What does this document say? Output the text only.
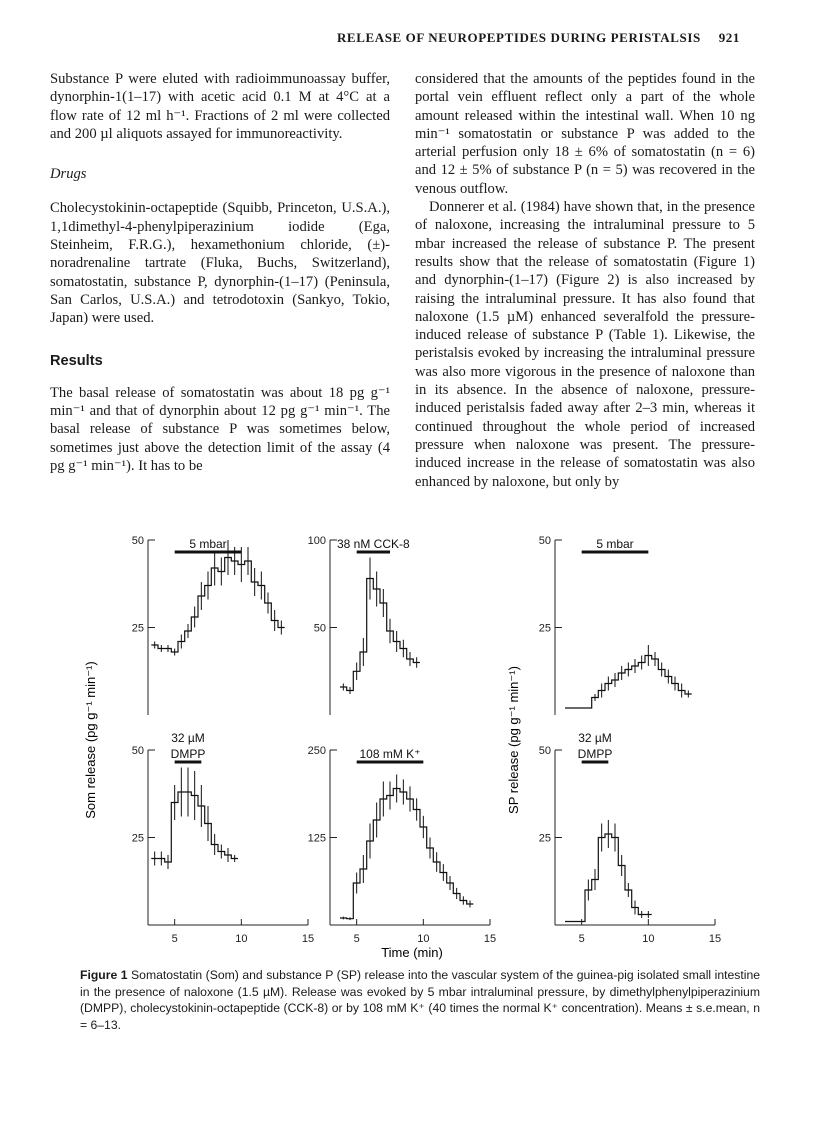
RELEASE OF NEUROPEPTIDES DURING PERISTALSIS 921

Substance P were eluted with radioimmunoassay buffer, dynorphin-1(1–17) with acetic acid 0.1 M at 4°C at a flow rate of 12 ml h⁻¹. Fractions of 2 ml were collected and 200 µl aliquots assayed for immunoreactivity.

Drugs

Cholecystokinin-octapeptide (Squibb, Princeton, U.S.A.), 1,1dimethyl-4-phenylpiperazinium iodide (Ega, Steinheim, F.R.G.), hexamethonium chloride, (±)-noradrenaline tartrate (Fluka, Buchs, Switzerland), somatostatin, substance P, dynorphin-(1–17) (Peninsula, San Carlos, U.S.A.) and tetrodotoxin (Sankyo, Tokio, Japan) were used.

Results

The basal release of somatostatin was about 18 pg g⁻¹ min⁻¹ and that of dynorphin about 12 pg g⁻¹ min⁻¹. The basal release of substance P was sometimes below, sometimes just above the detection limit of the assay (4 pg g⁻¹ min⁻¹). It has to be

considered that the amounts of the peptides found in the portal vein effluent reflect only a part of the whole amount released within the intestinal wall. When 10 ng min⁻¹ somatostatin or substance P was added to the arterial perfusion only 18 ± 6% of somatostatin (n = 6) and 12 ± 5% of substance P (n = 5) was recovered in the venous outflow.

Donnerer et al. (1984) have shown that, in the presence of naloxone, increasing the intraluminal pressure to 5 mbar increased the release of substance P. The present results show that the release of somatostatin (Figure 1) and dynorphin-(1–17) (Figure 2) is also increased by raising the intraluminal pressure. It has also found that naloxone (1.5 µM) enhanced severalfold the pressure-induced release of substance P (Table 1). Likewise, the peristalsis evoked by increasing the intraluminal pressure was also more vigorous in the presence of naloxone than in its absence. In the absence of naloxone, pressure-induced peristalsis faded away after 2–3 min, whereas it continued throughout the whole period of increased pressure when naloxone was present. The pressure-induced increase in the release of somatostatin was also enhanced by naloxone, but only by

Som release (pg g⁻¹ min⁻¹)	SP release (pg g⁻¹ min⁻¹)
Time (min)
50
25
5 mbar	100
50
38 nM CCK-8	50
25
5 mbar
50
25
5	10	15
32 µM
DMPP	250
125
5	10	15
108 mM K⁺	50
25
5	10	15
32 µM
DMPP
Figure 1 Somatostatin (Som) and substance P (SP) release into the vascular system of the guinea-pig isolated small intestine in the presence of naloxone (1.5 µM). Release was evoked by 5 mbar intraluminal pressure, by dimethylphenylpiperazinium (DMPP), cholecystokinin-octapeptide (CCK-8) or by 108 mM K⁺ (40 times the normal K⁺ concentration). Means ± s.e.mean, n = 6–13.
